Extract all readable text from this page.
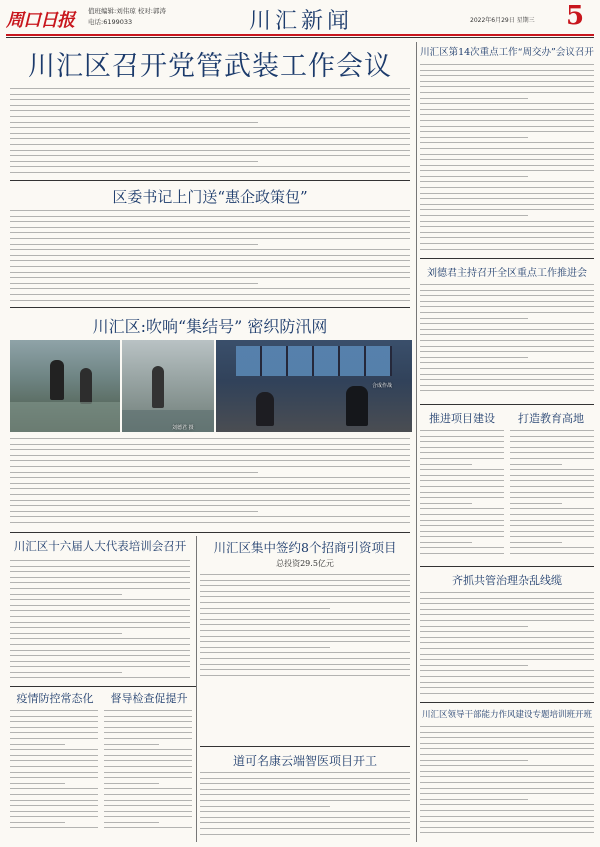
周口日报 值班编辑:刘伟琼 校对:郭涛
电话:6199033	川汇新闻	2022年6月29日 星期三 5
川汇区召开党管武装工作会议
区委书记上门送“惠企政策包”
川汇区:吹响“集结号” 密织防汛网
刘德君 摄
合成作战
川汇区十六届人大代表培训会召开	川汇区集中签约8个招商引资项目
总投资29.5亿元
疫情防控常态化	督导检查促提升
道可名康云端智医项目开工
川汇区第14次重点工作“周交办”会议召开
刘德君主持召开全区重点工作推进会
推进项目建设	打造教育高地
齐抓共管治理杂乱线缆
川汇区领导干部能力作风建设专题培训班开班
